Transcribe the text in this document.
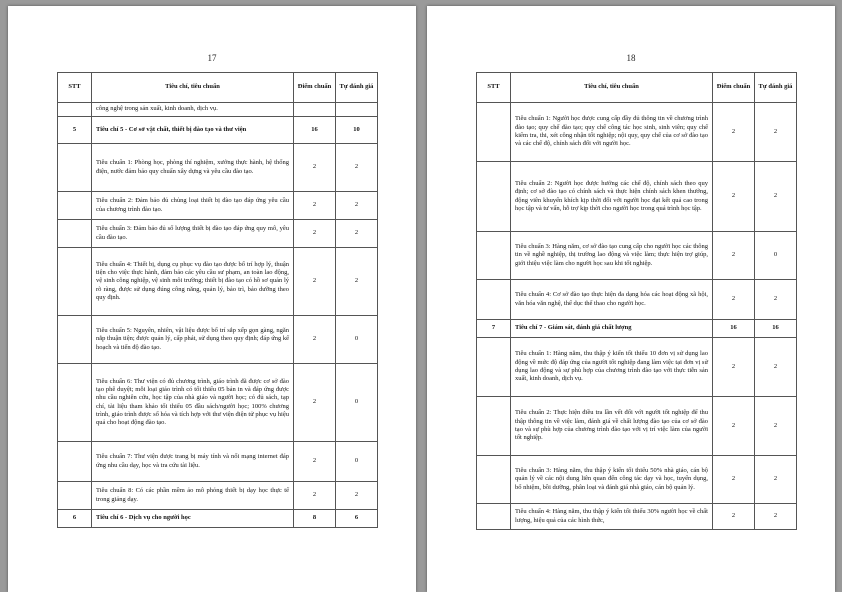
17
STT	Tiêu chí, tiêu chuẩn	Điểm chuẩn	Tự đánh giá
	công nghệ trong sản xuất, kinh doanh, dịch vụ.		
5	Tiêu chí 5 - Cơ sở vật chất, thiết bị đào tạo và thư viện	16	10
	Tiêu chuẩn 1: Phòng học, phòng thí nghiệm, xưởng thực hành, hệ thống điện, nước đảm bảo quy chuẩn xây dựng và yêu cầu đào tạo.	2	2
	Tiêu chuẩn 2: Đảm bảo đủ chủng loại thiết bị đào tạo đáp ứng yêu cầu của chương trình đào tạo.	2	2
	Tiêu chuẩn 3: Đảm bảo đủ số lượng thiết bị đào tạo đáp ứng quy mô, yêu cầu đào tạo.	2	2
	Tiêu chuẩn 4: Thiết bị, dụng cụ phục vụ đào tạo được bố trí hợp lý, thuận tiện cho việc thực hành, đảm bảo các yêu cầu sư phạm, an toàn lao động, vệ sinh công nghiệp, vệ sinh môi trường; thiết bị đào tạo có hồ sơ quản lý rõ ràng, được sử dụng đúng công năng, quản lý, bảo trì, bảo dưỡng theo quy định.	2	2
	Tiêu chuẩn 5: Nguyên, nhiên, vật liệu được bố trí sắp xếp gọn gàng, ngăn nắp thuận tiện; được quản lý, cấp phát, sử dụng theo quy định; đáp ứng kế hoạch và tiến độ đào tạo.	2	0
	Tiêu chuẩn 6: Thư viện có đủ chương trình, giáo trình đã được cơ sở đào tạo phê duyệt; mỗi loại giáo trình có tối thiểu 05 bản in và đáp ứng được nhu cầu nghiên cứu, học tập của nhà giáo và người học; có đủ sách, tạp chí, tài liệu tham khảo tối thiểu 05 đầu sách/người học; 100% chương trình, giáo trình được số hóa và tích hợp với thư viện điện tử phục vụ hiệu quả cho hoạt động đào tạo.	2	0
	Tiêu chuẩn 7: Thư viện được trang bị máy tính và nối mạng internet đáp ứng nhu cầu dạy, học và tra cứu tài liệu.	2	0
	Tiêu chuẩn 8: Có các phần mềm ảo mô phỏng thiết bị dạy học thực tế trong giảng dạy.	2	2
6	Tiêu chí 6 - Dịch vụ cho người học	8	6
18
STT	Tiêu chí, tiêu chuẩn	Điểm chuẩn	Tự đánh giá
	Tiêu chuẩn 1: Người học được cung cấp đầy đủ thông tin về chương trình đào tạo; quy chế đào tạo; quy chế công tác học sinh, sinh viên; quy chế kiểm tra, thi, xét công nhận tốt nghiệp; nội quy, quy chế của cơ sở đào tạo và các chế độ, chính sách đối với người học.	2	2
	Tiêu chuẩn 2: Người học được hưởng các chế độ, chính sách theo quy định; cơ sở đào tạo có chính sách và thực hiện chính sách khen thưởng, động viên khuyến khích kịp thời đối với người học đạt kết quả cao trong học tập và tư vấn, hỗ trợ kịp thời cho người học trong quá trình học tập.	2	2
	Tiêu chuẩn 3: Hàng năm, cơ sở đào tạo cung cấp cho người học các thông tin về nghề nghiệp, thị trường lao động và việc làm; thực hiện trợ giúp, giới thiệu việc làm cho người học sau khi tốt nghiệp.	2	0
	Tiêu chuẩn 4: Cơ sở đào tạo thực hiện đa dạng hóa các hoạt động xã hội, văn hóa văn nghệ, thể dục thể thao cho người học.	2	2
7	Tiêu chí 7 - Giám sát, đánh giá chất lượng	16	16
	Tiêu chuẩn 1: Hàng năm, thu thập ý kiến tối thiểu 10 đơn vị sử dụng lao động về mức độ đáp ứng của người tốt nghiệp đang làm việc tại đơn vị sử dụng lao động và sự phù hợp của chương trình đào tạo với thực tiễn sản xuất, kinh doanh, dịch vụ.	2	2
	Tiêu chuẩn 2: Thực hiện điều tra lần vết đối với người tốt nghiệp để thu thập thông tin về việc làm, đánh giá về chất lượng đào tạo của cơ sở đào tạo và sự phù hợp của chương trình đào tạo với vị trí việc làm của người tốt nghiệp.	2	2
	Tiêu chuẩn 3: Hàng năm, thu thập ý kiến tối thiểu 50% nhà giáo, cán bộ quản lý về các nội dung liên quan đến công tác dạy và học, tuyển dụng, bổ nhiệm, bồi dưỡng, phân loại và đánh giá nhà giáo, cán bộ quản lý.	2	2
	Tiêu chuẩn 4: Hàng năm, thu thập ý kiến tối thiểu 30% người học về chất lượng, hiệu quả của các hình thức,	2	2
